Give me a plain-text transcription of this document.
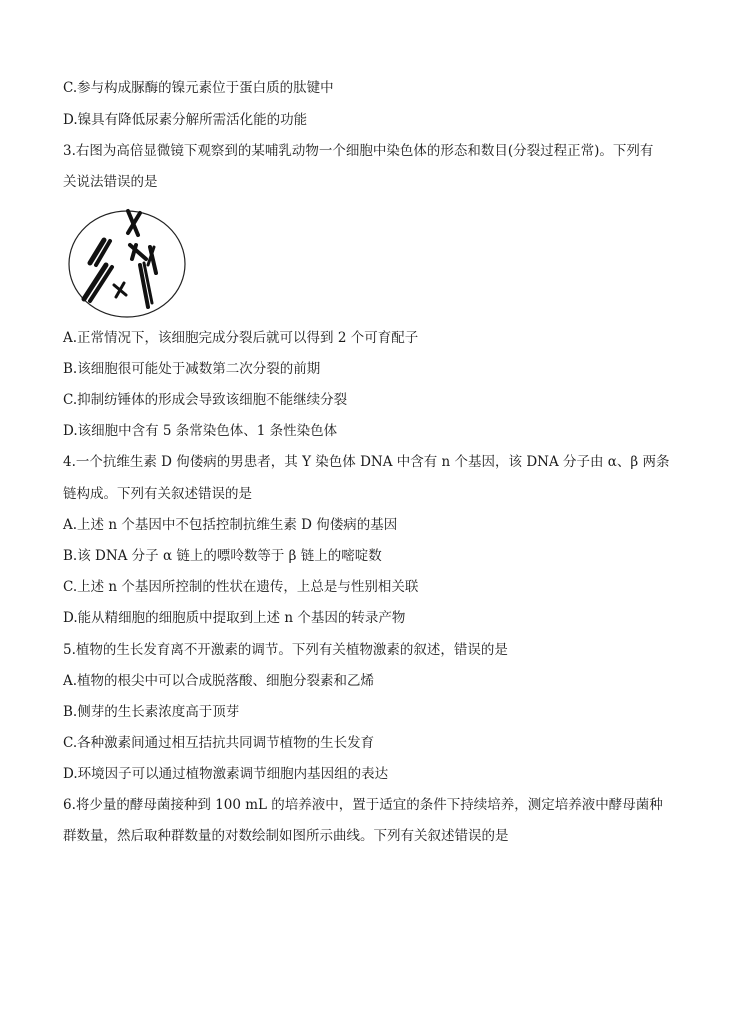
C.参与构成脲酶的镍元素位于蛋白质的肽键中
D.镍具有降低尿素分解所需活化能的功能
3.右图为高倍显微镜下观察到的某哺乳动物一个细胞中染色体的形态和数目(分裂过程正常)。下列有
关说法错误的是
A.正常情况下，该细胞完成分裂后就可以得到 2 个可育配子
B.该细胞很可能处于减数第二次分裂的前期
C.抑制纺锤体的形成会导致该细胞不能继续分裂
D.该细胞中含有 5 条常染色体、1 条性染色体
4.一个抗维生素 D 佝偻病的男患者，其 Y 染色体 DNA 中含有 n 个基因，该 DNA 分子由 α、β 两条
链构成。下列有关叙述错误的是
A.上述 n 个基因中不包括控制抗维生素 D 佝偻病的基因
B.该 DNA 分子 α 链上的嘌呤数等于 β 链上的嘧啶数
C.上述 n 个基因所控制的性状在遗传，上总是与性别相关联
D.能从精细胞的细胞质中提取到上述 n 个基因的转录产物
5.植物的生长发育离不开激素的调节。下列有关植物激素的叙述，错误的是
A.植物的根尖中可以合成脱落酸、细胞分裂素和乙烯
B.侧芽的生长素浓度高于顶芽
C.各种激素间通过相互拮抗共同调节植物的生长发育
D.环境因子可以通过植物激素调节细胞内基因组的表达
6.将少量的酵母菌接种到 100 mL 的培养液中，置于适宜的条件下持续培养，测定培养液中酵母菌种
群数量，然后取种群数量的对数绘制如图所示曲线。下列有关叙述错误的是
